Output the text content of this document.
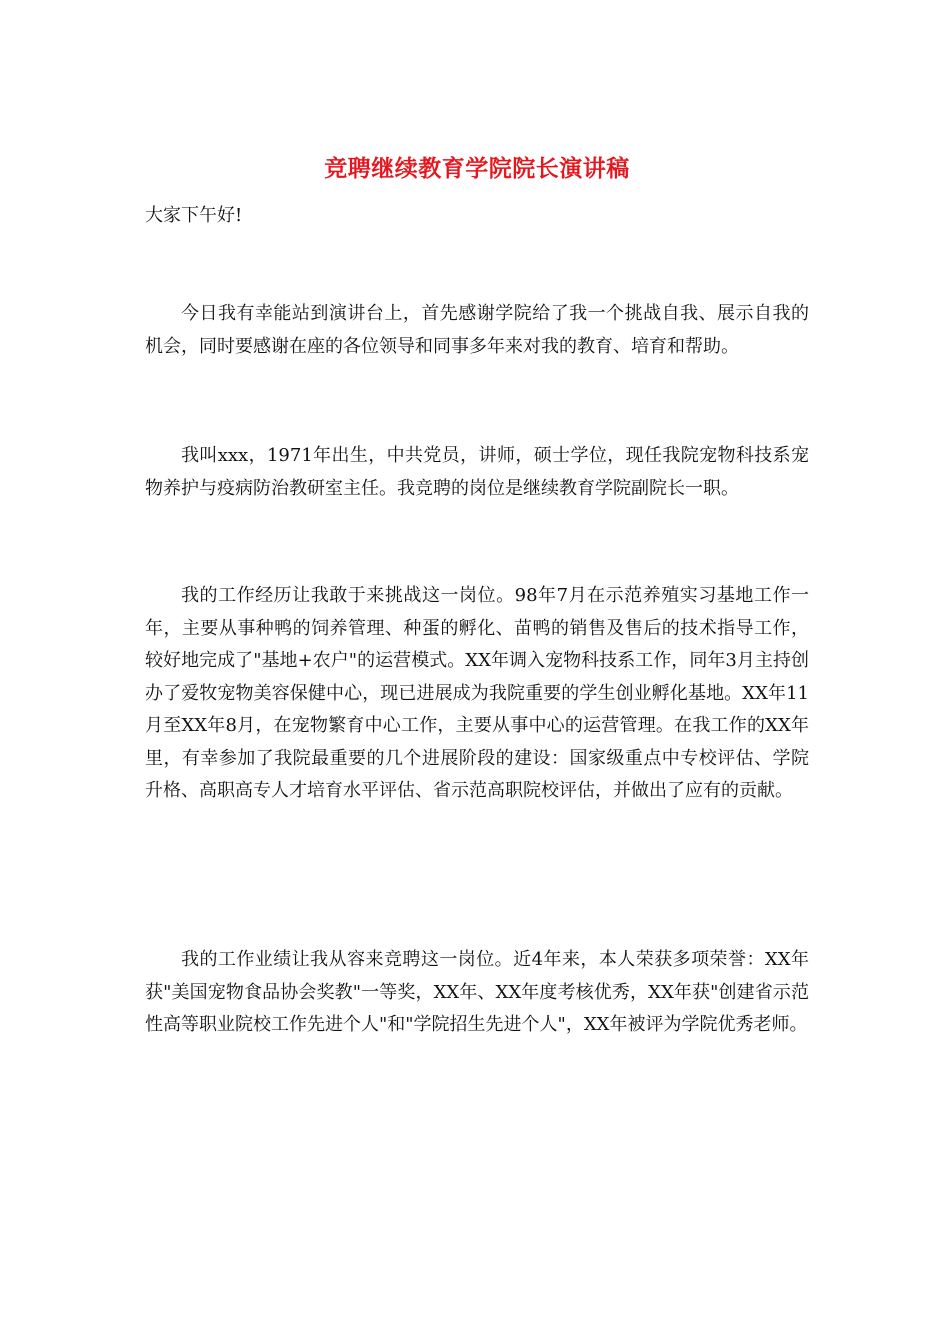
竞聘继续教育学院院长演讲稿

大家下午好!

今日我有幸能站到演讲台上，首先感谢学院给了我一个挑战自我、展示自我的机会，同时要感谢在座的各位领导和同事多年来对我的教育、培育和帮助。

我叫xxx，1971年出生，中共党员，讲师，硕士学位，现任我院宠物科技系宠物养护与疫病防治教研室主任。我竞聘的岗位是继续教育学院副院长一职。

我的工作经历让我敢于来挑战这一岗位。98年7月在示范养殖实习基地工作一年，主要从事种鸭的饲养管理、种蛋的孵化、苗鸭的销售及售后的技术指导工作，较好地完成了"基地+农户"的运营模式。XX年调入宠物科技系工作，同年3月主持创办了爱牧宠物美容保健中心，现已进展成为我院重要的学生创业孵化基地。XX年11月至XX年8月，在宠物繁育中心工作，主要从事中心的运营管理。在我工作的XX年里，有幸参加了我院最重要的几个进展阶段的建设：国家级重点中专校评估、学院升格、高职高专人才培育水平评估、省示范高职院校评估，并做出了应有的贡献。

我的工作业绩让我从容来竞聘这一岗位。近4年来，本人荣获多项荣誉：XX年获"美国宠物食品协会奖教"一等奖，XX年、XX年度考核优秀，XX年获"创建省示范性高等职业院校工作先进个人"和"学院招生先进个人"，XX年被评为学院优秀老师。
